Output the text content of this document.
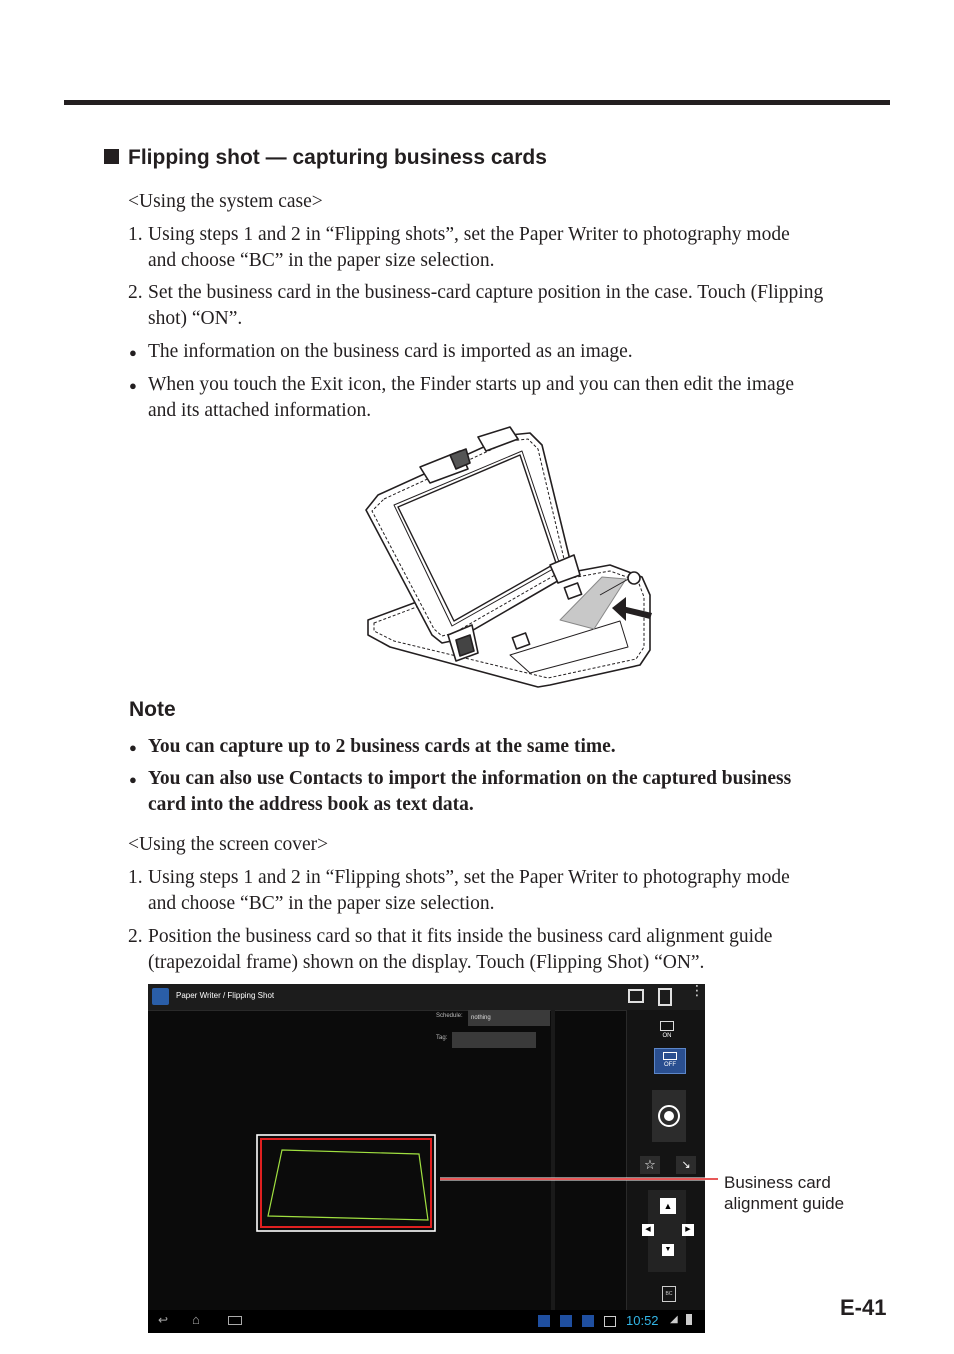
Flipping shot — capturing business cards
<Using the system case>
1. Using steps 1 and 2 in “Flipping shots”, set the Paper Writer to photography mode
and choose “BC” in the paper size selection.
2. Set the business card in the business-card capture position in the case. Touch (Flipping
shot) “ON”.
● The information on the business card is imported as an image.
● When you touch the Exit icon, the Finder starts up and you can then edit the image
and its attached information.
Note
● You can capture up to 2 business cards at the same time.
● You can also use Contacts to import the information on the captured business
card into the address book as text data.
<Using the screen cover>
1. Using steps 1 and 2 in “Flipping shots”, set the Paper Writer to photography mode
and choose “BC” in the paper size selection.
2. Position the business card so that it fits inside the business card alignment guide
(trapezoidal frame) shown on the display. Touch (Flipping Shot) “ON”.
Paper Writer / Flipping Shot	⋮
Schedule:	nothing
Tag:	ON
OFF
☆	↘
▲
◀	▶
▼
BC
↩ ⌂	10:52 ◢
Business card
alignment guide
E-41
